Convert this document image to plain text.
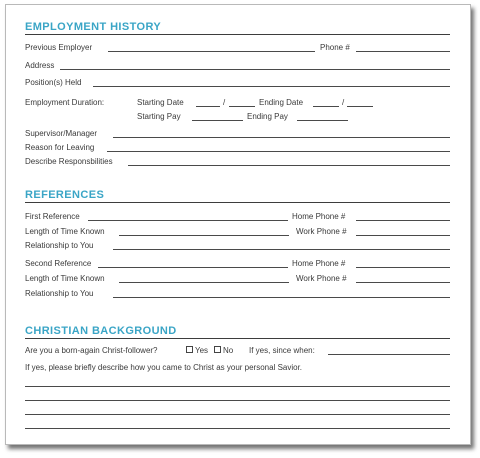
EMPLOYMENT HISTORY
Previous Employer	Phone #
Address
Position(s) Held
Employment Duration:	Starting Date	/	Ending Date	/
Starting Pay	Ending Pay
Supervisor/Manager
Reason for Leaving
Describe Responsbilities
REFERENCES
First Reference	Home Phone #
Length of Time Known	Work Phone #
Relationship to You
Second Reference	Home Phone #
Length of Time Known	Work Phone #
Relationship to You
CHRISTIAN BACKGROUND
Are you a born-again Christ-follower?	Yes	No If yes, since when:
If yes, please briefly describe how you came to Christ as your personal Savior.
